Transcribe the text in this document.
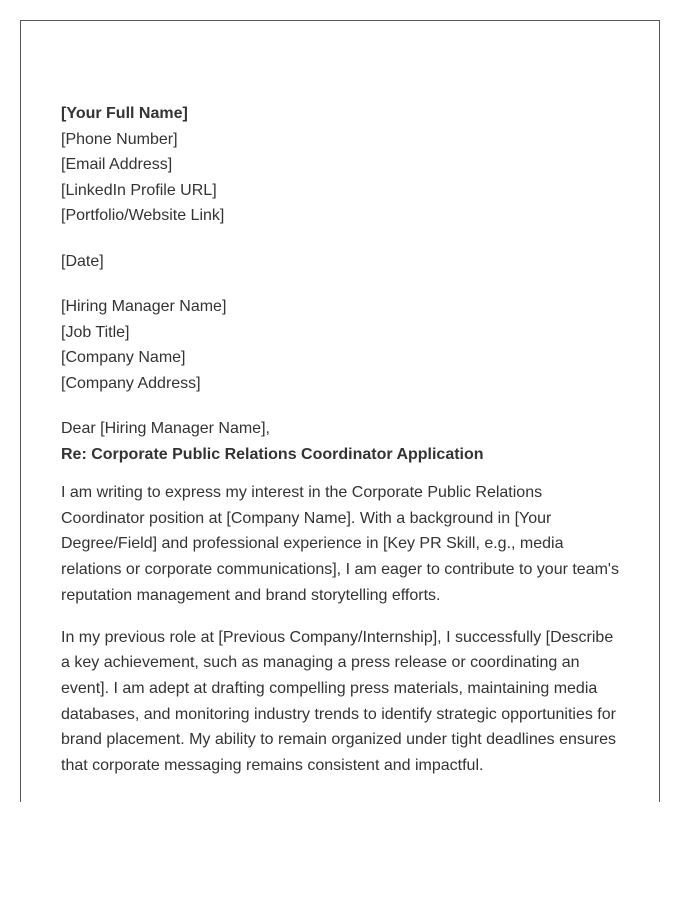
[Your Full Name]
[Phone Number]
[Email Address]
[LinkedIn Profile URL]
[Portfolio/Website Link]
[Date]
[Hiring Manager Name]
[Job Title]
[Company Name]
[Company Address]
Dear [Hiring Manager Name],
Re: Corporate Public Relations Coordinator Application

I am writing to express my interest in the Corporate Public Relations Coordinator position at [Company Name]. With a background in [Your Degree/Field] and professional experience in [Key PR Skill, e.g., media relations or corporate communications], I am eager to contribute to your team's reputation management and brand storytelling efforts.

In my previous role at [Previous Company/Internship], I successfully [Describe a key achievement, such as managing a press release or coordinating an event]. I am adept at drafting compelling press materials, maintaining media databases, and monitoring industry trends to identify strategic opportunities for brand placement. My ability to remain organized under tight deadlines ensures that corporate messaging remains consistent and impactful.
